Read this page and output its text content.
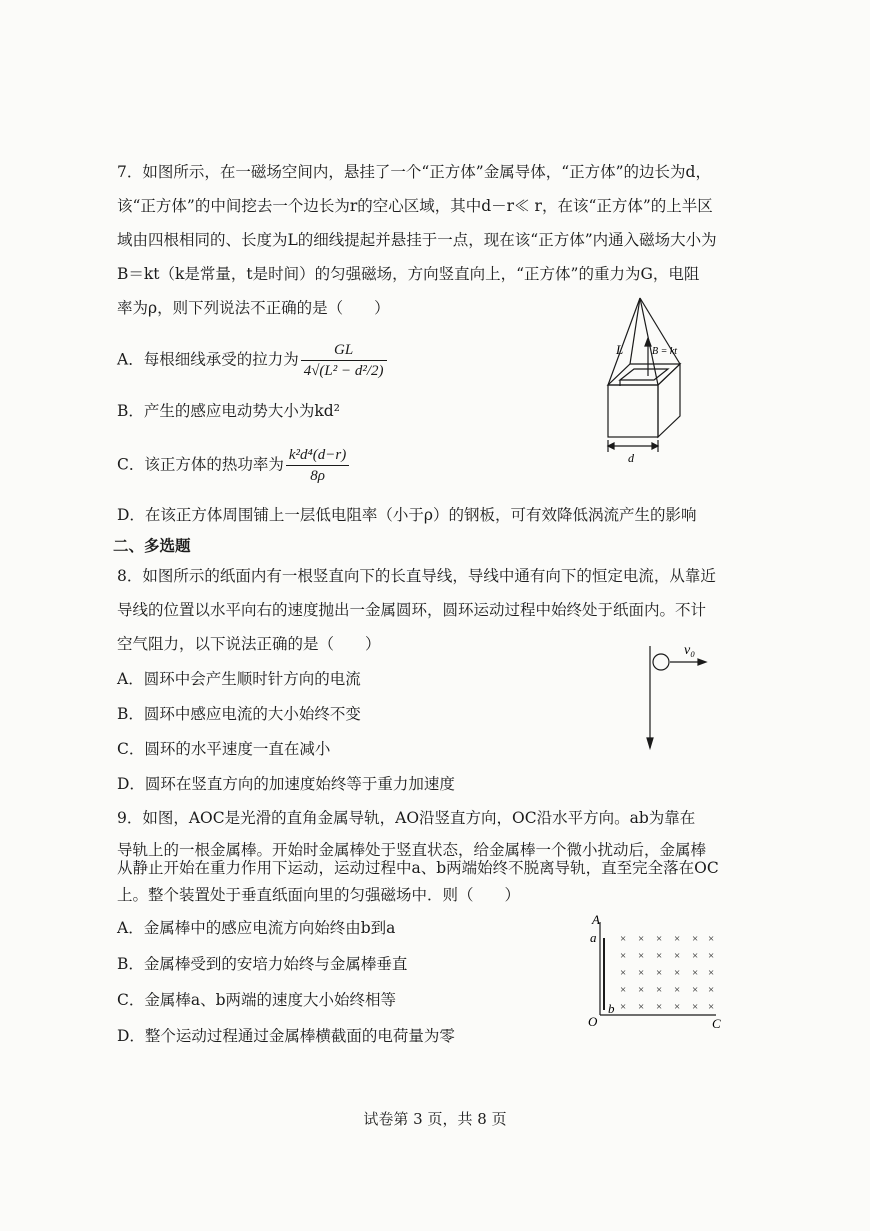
7．如图所示，在一磁场空间内，悬挂了一个“正方体”金属导体，“正方体”的边长为d，
该“正方体”的中间挖去一个边长为r的空心区域，其中d－r≪ r，在该“正方体”的上半区
域由四根相同的、长度为L的细线提起并悬挂于一点，现在该“正方体”内通入磁场大小为
B＝kt（k是常量，t是时间）的匀强磁场，方向竖直向上，“正方体”的重力为G，电阻
率为ρ，则下列说法不正确的是（　　）
A．每根细线承受的拉力为 $\frac{GL}{\text{4√(L² − d²/2)}}$
B．产生的感应电动势大小为kd²
C．该正方体的热功率为 $\frac{\text{k²d⁴(d−r)}}{8\rho}$
D．在该正方体周围铺上一层低电阻率（小于ρ）的钢板，可有效降低涡流产生的影响
L	B = kt
d
二、多选题
8．如图所示的纸面内有一根竖直向下的长直导线，导线中通有向下的恒定电流，从靠近
导线的位置以水平向右的速度抛出一金属圆环，圆环运动过程中始终处于纸面内。不计
空气阻力，以下说法正确的是（　　）
A．圆环中会产生顺时针方向的电流
B．圆环中感应电流的大小始终不变
C．圆环的水平速度一直在减小
D．圆环在竖直方向的加速度始终等于重力加速度
v₀
9．如图，AOC是光滑的直角金属导轨，AO沿竖直方向，OC沿水平方向。ab为靠在
导轨上的一根金属棒。开始时金属棒处于竖直状态，给金属棒一个微小扰动后，金属棒
从静止开始在重力作用下运动，运动过程中a、b两端始终不脱离导轨，直至完全落在OC
上。整个装置处于垂直纸面向里的匀强磁场中．则（　　）
A．金属棒中的感应电流方向始终由b到a
B．金属棒受到的安培力始终与金属棒垂直
C．金属棒a、b两端的速度大小始终相等
D．整个运动过程通过金属棒横截面的电荷量为零
× × × × × ×
× × × × × ×
× × × × × ×
× × × × × ×
× × × × × ×
A
a
b
O	C
试卷第 3 页，共 8 页
